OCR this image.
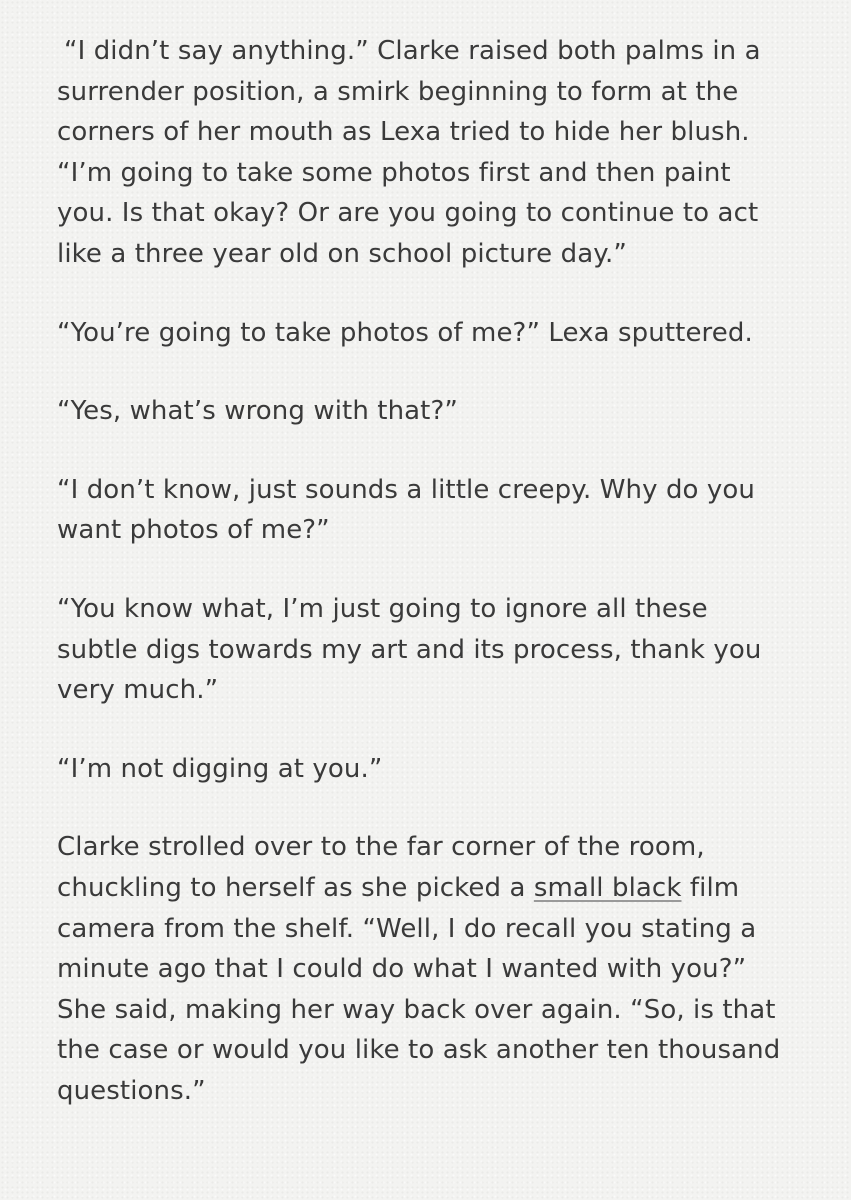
“I didn’t say anything.” Clarke raised both palms in a
surrender position, a smirk beginning to form at the
corners of her mouth as Lexa tried to hide her blush.
“I’m going to take some photos first and then paint
you. Is that okay? Or are you going to continue to act
like a three year old on school picture day.”

“You’re going to take photos of me?” Lexa sputtered.

“Yes, what’s wrong with that?”

“I don’t know, just sounds a little creepy. Why do you
want photos of me?”

“You know what, I’m just going to ignore all these
subtle digs towards my art and its process, thank you
very much.”

“I’m not digging at you.”

Clarke strolled over to the far corner of the room,
chuckling to herself as she picked a small black film
camera from the shelf. “Well, I do recall you stating a
minute ago that I could do what I wanted with you?”
She said, making her way back over again. “So, is that
the case or would you like to ask another ten thousand
questions.”
